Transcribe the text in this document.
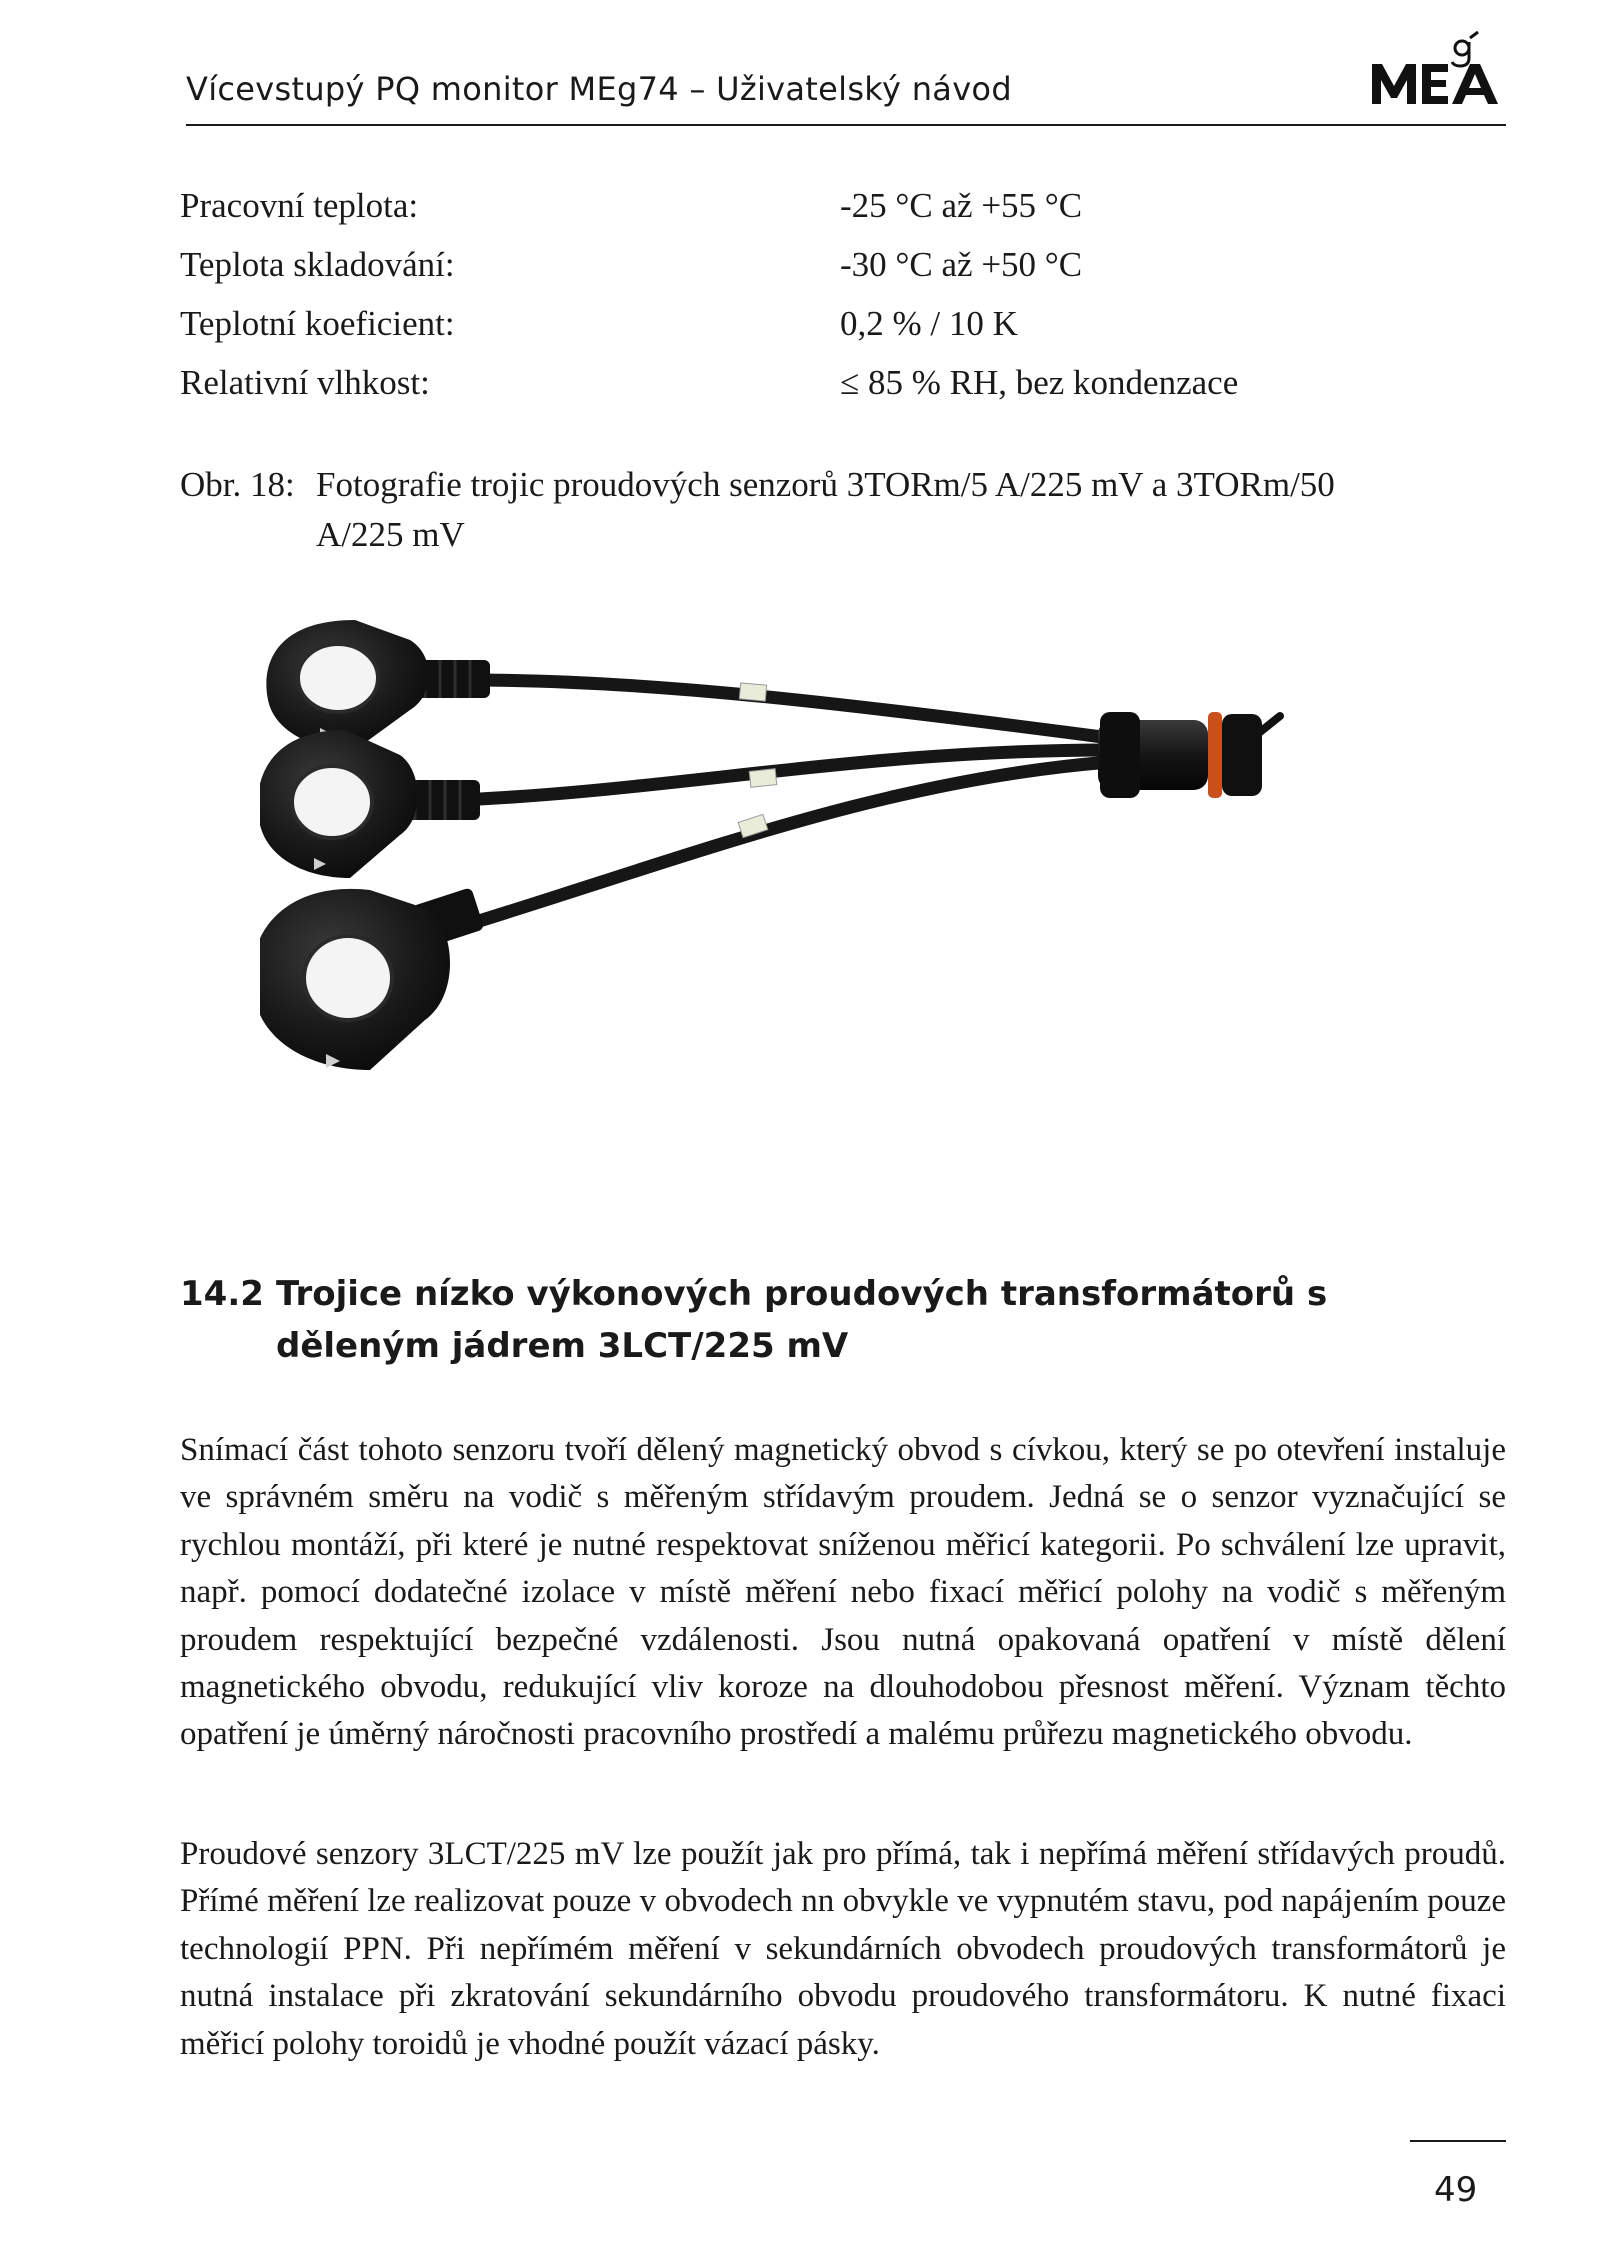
Vícevstupý PQ monitor MEg74 – Uživatelský návod
Pracovní teplota:	-25 °C až +55 °C
Teplota skladování:	-30 °C až +50 °C
Teplotní koeficient:	0,2 % / 10 K
Relativní vlhkost:	≤ 85 % RH, bez kondenzace
Obr. 18: Fotografie trojic proudových senzorů 3TORm/5 A/225 mV a 3TORm/50 A/225 mV
14.2 Trojice nízko výkonových proudových transformátorů s děleným jádrem 3LCT/225 mV

Snímací část tohoto senzoru tvoří dělený magnetický obvod s cívkou, který se po otevření instaluje ve správném směru na vodič s měřeným střídavým proudem. Jedná se o senzor vyznačující se rychlou montáží, při které je nutné respektovat sníženou měřicí kategorii. Po schválení lze upravit, např. pomocí dodatečné izolace v místě měření nebo fixací měřicí polohy na vodič s měřeným proudem respektující bezpečné vzdálenosti. Jsou nutná opakovaná opatření v místě dělení magnetického obvodu, redukující vliv koroze na dlouhodobou přesnost měření. Význam těchto opatření je úměrný náročnosti pracovního prostředí a malému průřezu magnetického obvodu.

Proudové senzory 3LCT/225 mV lze použít jak pro přímá, tak i nepřímá měření střídavých proudů. Přímé měření lze realizovat pouze v obvodech nn obvykle ve vypnutém stavu, pod napájením pouze technologií PPN. Při nepřímém měření v sekundárních obvodech proudových transformátorů je nutná instalace při zkratování sekundárního obvodu proudového transformátoru. K nutné fixaci měřicí polohy toroidů je vhodné použít vázací pásky.

49
